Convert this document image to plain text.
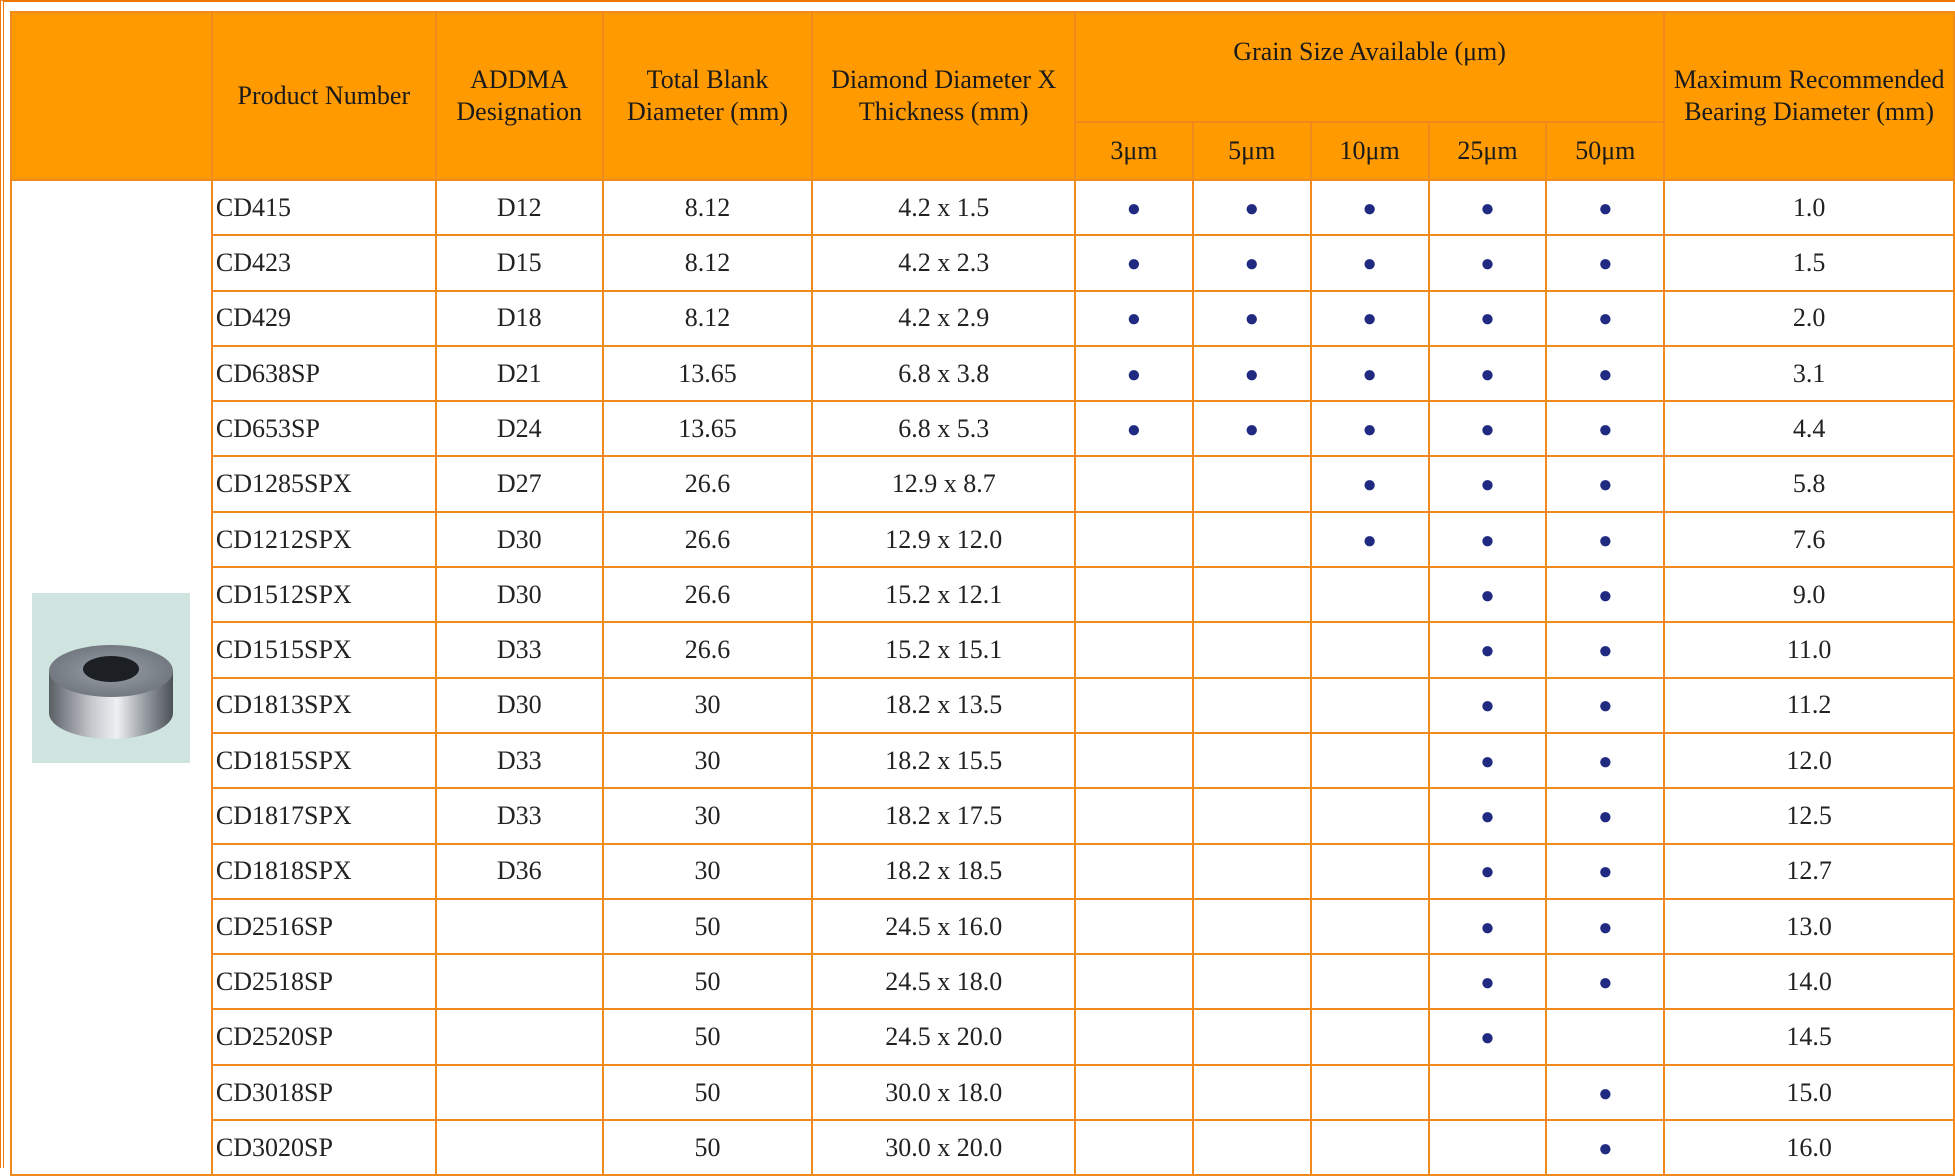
	Product Number	ADDMA Designation	Total Blank Diameter (mm)	Diamond Diameter X Thickness (mm)	Grain Size Available (μm)					Maximum Recommended Bearing Diameter (mm)
					3μm	5μm	10μm	25μm	50μm	

	CD415	D12	8.12	4.2 x 1.5	●	●	●	●	●	1.0
	CD423	D15	8.12	4.2 x 2.3	●	●	●	●	●	1.5
	CD429	D18	8.12	4.2 x 2.9	●	●	●	●	●	2.0
	CD638SP	D21	13.65	6.8 x 3.8	●	●	●	●	●	3.1
	CD653SP	D24	13.65	6.8 x 5.3	●	●	●	●	●	4.4
	CD1285SPX	D27	26.6	12.9 x 8.7			●	●	●	5.8
	CD1212SPX	D30	26.6	12.9 x 12.0			●	●	●	7.6
	CD1512SPX	D30	26.6	15.2 x 12.1				●	●	9.0
	CD1515SPX	D33	26.6	15.2 x 15.1				●	●	11.0
	CD1813SPX	D30	30	18.2 x 13.5				●	●	11.2
	CD1815SPX	D33	30	18.2 x 15.5				●	●	12.0
	CD1817SPX	D33	30	18.2 x 17.5				●	●	12.5
	CD1818SPX	D36	30	18.2 x 18.5				●	●	12.7
	CD2516SP		50	24.5 x 16.0				●	●	13.0
	CD2518SP		50	24.5 x 18.0				●	●	14.0
	CD2520SP		50	24.5 x 20.0				●		14.5
	CD3018SP		50	30.0 x 18.0					●	15.0
	CD3020SP		50	30.0 x 20.0					●	16.0
